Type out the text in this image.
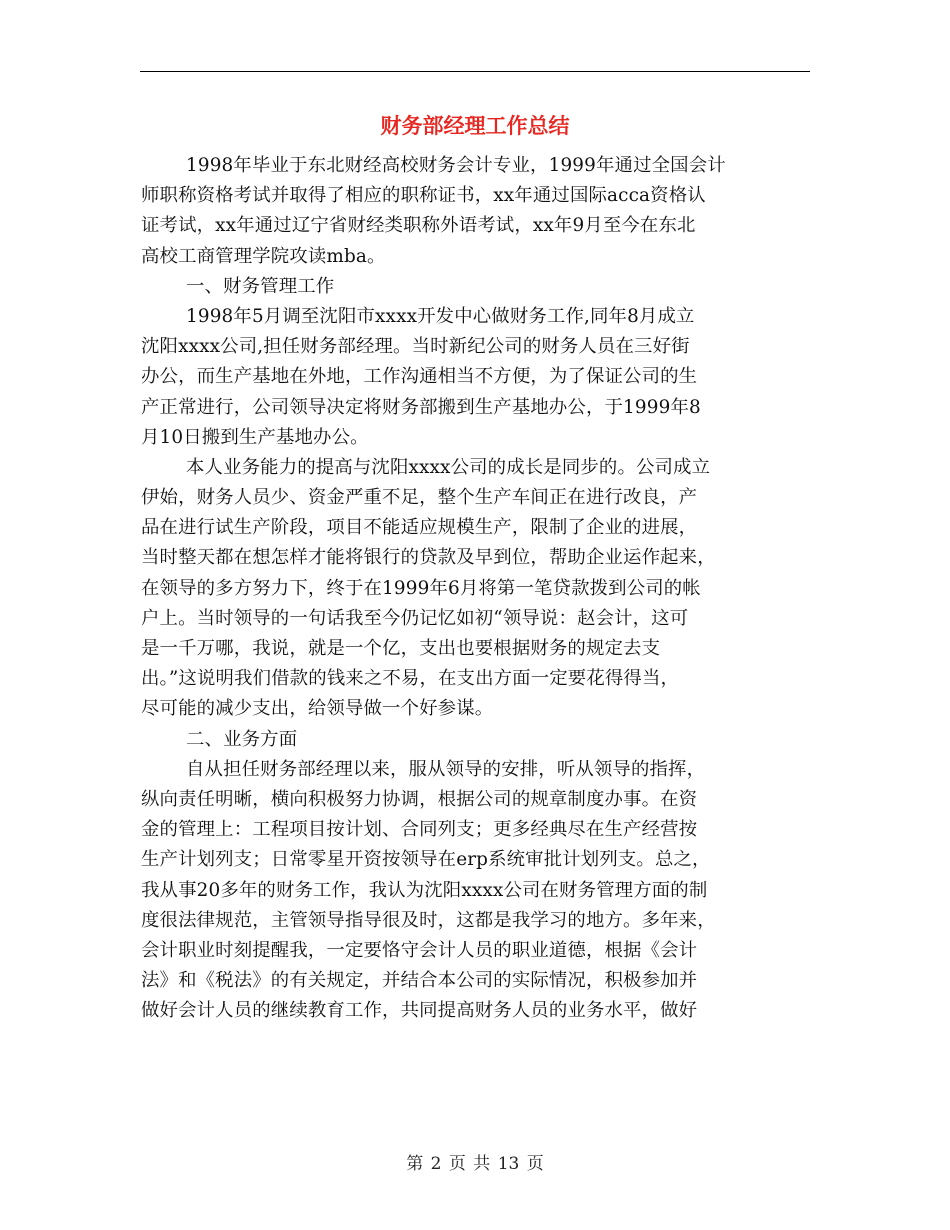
财务部经理工作总结
1998年毕业于东北财经高校财务会计专业，1999年通过全国会计
师职称资格考试并取得了相应的职称证书，xx年通过国际acca资格认
证考试，xx年通过辽宁省财经类职称外语考试，xx年9月至今在东北
高校工商管理学院攻读mba。
一、财务管理工作
1998年5月调至沈阳市xxxx开发中心做财务工作,同年8月成立
沈阳xxxx公司,担任财务部经理。当时新纪公司的财务人员在三好街
办公，而生产基地在外地，工作沟通相当不方便，为了保证公司的生
产正常进行，公司领导决定将财务部搬到生产基地办公，于1999年8
月10日搬到生产基地办公。
本人业务能力的提高与沈阳xxxx公司的成长是同步的。公司成立
伊始，财务人员少、资金严重不足，整个生产车间正在进行改良，产
品在进行试生产阶段，项目不能适应规模生产，限制了企业的进展，
当时整天都在想怎样才能将银行的贷款及早到位，帮助企业运作起来，
在领导的多方努力下，终于在1999年6月将第一笔贷款拨到公司的帐
户上。当时领导的一句话我至今仍记忆如初“领导说：赵会计，这可
是一千万哪，我说，就是一个亿，支出也要根据财务的规定去支
出。”这说明我们借款的钱来之不易，在支出方面一定要花得得当，
尽可能的减少支出，给领导做一个好参谋。
二、业务方面
自从担任财务部经理以来，服从领导的安排，听从领导的指挥，
纵向责任明晰，横向积极努力协调，根据公司的规章制度办事。在资
金的管理上：工程项目按计划、合同列支；更多经典尽在生产经营按
生产计划列支；日常零星开资按领导在erp系统审批计划列支。总之，
我从事20多年的财务工作，我认为沈阳xxxx公司在财务管理方面的制
度很法律规范，主管领导指导很及时，这都是我学习的地方。多年来，
会计职业时刻提醒我，一定要恪守会计人员的职业道德，根据《会计
法》和《税法》的有关规定，并结合本公司的实际情况，积极参加并
做好会计人员的继续教育工作，共同提高财务人员的业务水平，做好
第 2 页 共 13 页
